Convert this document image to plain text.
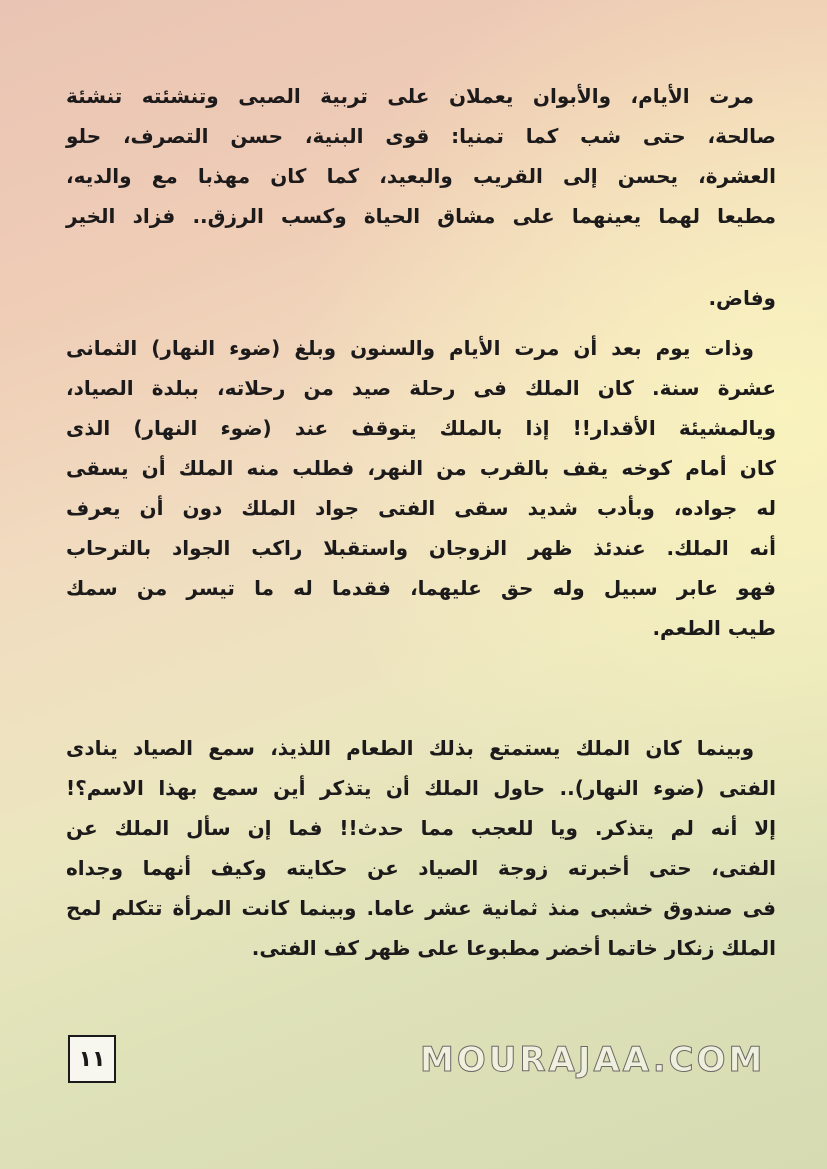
مرت الأيام، والأبوان يعملان على تربية الصبى وتنشئته تنشئة
صالحة، حتى شب كما تمنيا: قوى البنية، حسن التصرف، حلو
العشرة، يحسن إلى القريب والبعيد، كما كان مهذبا مع والديه،
مطيعا لهما يعينهما على مشاق الحياة وكسب الرزق.. فزاد الخير
وفاض.
وذات يوم بعد أن مرت الأيام والسنون وبلغ (ضوء النهار) الثمانى
عشرة سنة. كان الملك فى رحلة صيد من رحلاته، ببلدة الصياد،
ويالمشيئة الأقدار!! إذا بالملك يتوقف عند (ضوء النهار) الذى
كان أمام كوخه يقف بالقرب من النهر، فطلب منه الملك أن يسقى
له جواده، وبأدب شديد سقى الفتى جواد الملك دون أن يعرف
أنه الملك. عندئذ ظهر الزوجان واستقبلا راكب الجواد بالترحاب
فهو عابر سبيل وله حق عليهما، فقدما له ما تيسر من سمك
طيب الطعم.
وبينما كان الملك يستمتع بذلك الطعام اللذيذ، سمع الصياد ينادى
الفتى (ضوء النهار).. حاول الملك أن يتذكر أين سمع بهذا الاسم؟!
إلا أنه لم يتذكر. ويا للعجب مما حدث!! فما إن سأل الملك عن
الفتى، حتى أخبرته زوجة الصياد عن حكايته وكيف أنهما وجداه
فى صندوق خشبى منذ ثمانية عشر عاما. وبينما كانت المرأة تتكلم لمح
الملك زنكار خاتما أخضر مطبوعا على ظهر كف الفتى.
MOURAJAA.COM
١١
